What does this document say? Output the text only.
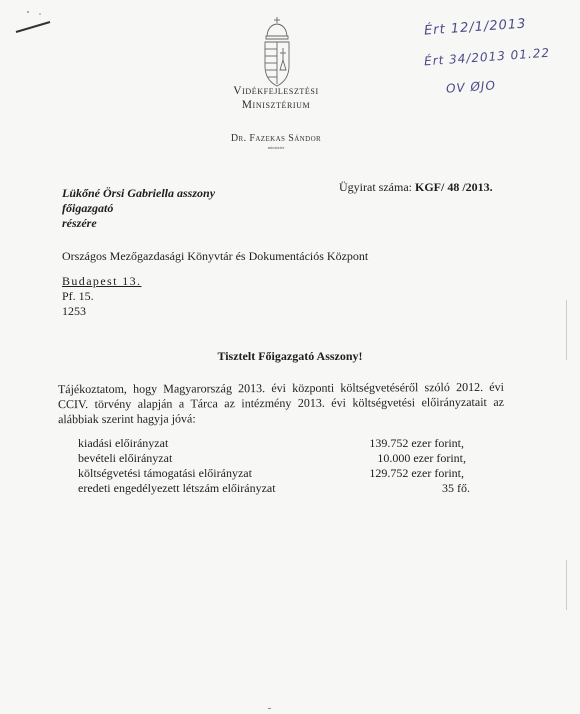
Vidékfejlesztési
Minisztérium
Dr. Fazekas Sándor
miniszter
Ért 12/1/2013
Ért 34/2013 01.22
OV ØJO
Lükőné Örsi Gabriella asszony
főigazgató
részére
Ügyirat száma: KGF/ 48 /2013.
Országos Mezőgazdasági Könyvtár és Dokumentációs Központ
Budapest 13.
Pf. 15.
1253
Tisztelt Főigazgató Asszony!
Tájékoztatom, hogy Magyarország 2013. évi központi költségvetéséről szóló 2012. évi CCIV. törvény alapján a Tárca az intézmény 2013. évi költségvetési előirányzatait az alábbiak szerint hagyja jóvá:
kiadási előirányzat	139.752 ezer forint,
bevételi előirányzat	10.000 ezer forint,
költségvetési támogatási előirányzat	129.752 ezer forint,
eredeti engedélyezett létszám előirányzat	35 fő.
